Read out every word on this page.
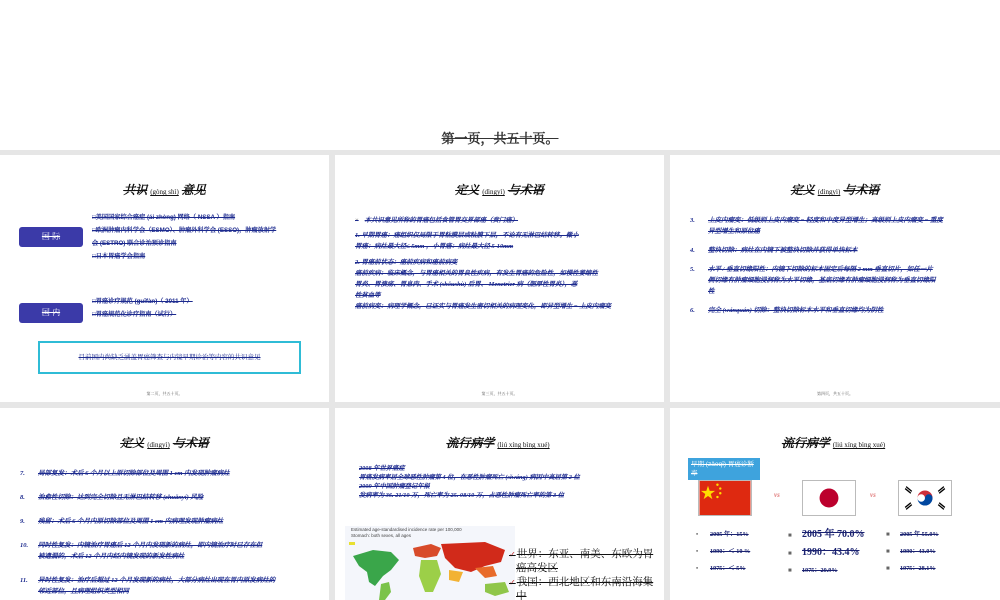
第一页，共五十页。
共识 (gòng shì) 意见
国 际
□美国国家综合癌症 (ái zhèng) 网络（ NSSA ）指南
□欧洲肿瘤内科学会（ESMO）、肿瘤外科学会 (ESSO)，肿瘤放射学
会 (ESTRO) 联合诊治预诊指南
□日本胃癌学会指南
国 内
□胃癌诊疗规范 (guīfàn)（ 2011 年）
□胃癌规范化诊疗指南（试行）
目前国内尚缺乏涵盖胃癌筛查与内镜早期诊治等内容的共识意见
第二页，共五十页。
定义 (dìngyì) 与术语
× 本共识意见所称的胃癌包括食管胃交界部癌（贲门癌）
1. 早期胃癌：癌组织仅局限于胃粘膜层或粘膜下层，不论有无淋巴结转移。微小
胃癌：病灶最大径≤ 5mm ，小胃癌：病灶最大径 5-10mm
2. 胃癌前状态：癌前疾病和癌前病变
癌前疾病：临床概念，与胃癌相关的胃良性疾病，有发生胃癌的危险性，如慢性萎缩性
胃炎、胃溃疡、胃息肉、手术 (shǒushù) 后胃、 Menetrier 病（肥厚性胃炎），恶
性贫血等
癌前病变：病理学概念，已证实与胃癌发生密切相关的病理变化，即异型增生 = 上皮内瘤变
第三页，共五十页。
定义 (dìngyì) 与术语
3. 上皮内瘤变：低级别上皮内瘤变 = 轻度和中度异型增生；高级别上皮内瘤变 = 重度
异型增生和原位癌
4. 整块切除：病灶在内镜下被整块切除并获得单块标本
5. 水平 / 垂直切缘阳性：内镜下切除的标本固定后每隔 2 mm 垂直切片，如任一片
侧切缘有肿瘤细胞浸润称为水平切缘，基底切缘有肿瘤细胞浸润称为垂直切缘阳
性
6. 完全 (wánquán) 切除：整块切除标本水平和垂直切缘均为阴性
第四页，共五十页。
定义 (dìngyì) 与术语
7. 局部复发：术后 6 个月以上原切除部位及周围 1 cm 内发现肿瘤病灶
8. 治愈性切除：达到完全切除且无淋巴结转移 (zhuǎnyí) 风险
9. 残留：术后 6 个月内原切除部位及周围 1 cm 内病理发现肿瘤病灶
10. 同时性复发：内镜治疗胃癌后 12 个月内发现新的病灶，即内镜治疗时已存在但
被遗漏的，术后 12 个月内经内镜发现的新发性病灶
11. 异时性复发：治疗后超过 12 个月发现新的病灶，大部分病灶出现在胃内原发病灶的
邻近部位，且病理组织类型相同
流行病学 (liú xíng bìng xué)
2008 年世界癌症
胃癌发病率居全球恶性肿瘤第 4 位，在恶性肿瘤死亡 (sǐwáng) 病因中高居第 2 位
2009 年中国肿瘤登记年报
发病率为 36. 21/10 万，死亡率为 25. 08/10 万，占恶性肿瘤死亡率的第 3 位
Estimated age-standardised incidence rate per 100,000
Stomach: both sexes, all ages
✓世界：东亚、南美、东欧为胃
癌高发区
✓我国：西北地区和东南沿海集
中
流行病学 (liú xíng bìng xué)
早期 (zǎoqī) 胃癌诊断率
vs	vs
• 2005 年：15%
• 1990：＜ 10 %
• 1975：＜ 5%
■ 2005 年 70.0%
■ 1990：43.4%
■ 1975：20.9%
■ 2005 年 55.0%
■ 1990：43.0%
■ 1975：28.1%
